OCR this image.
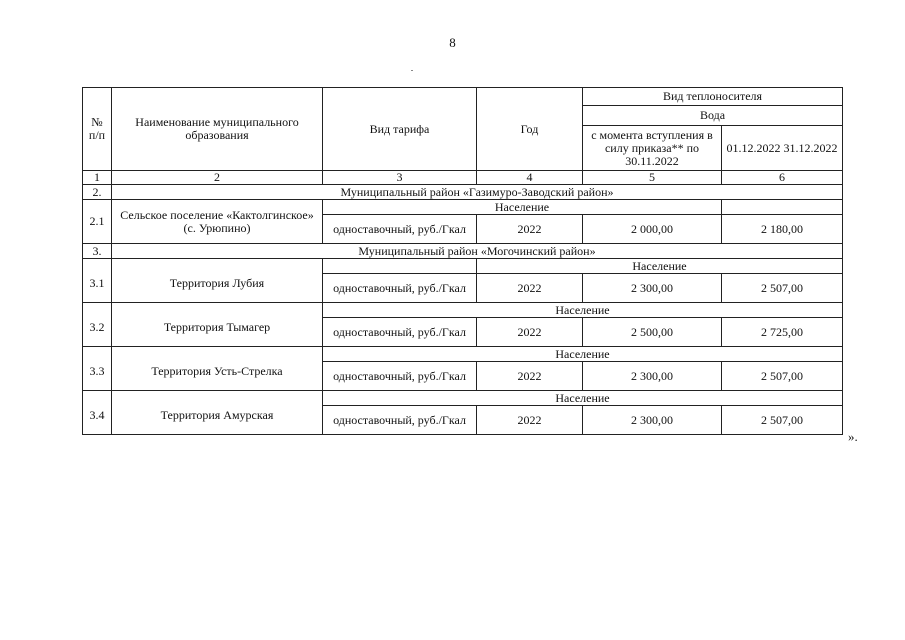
8
№ п/п	Наименование муниципального образования	Вид тарифа	Год	Вид теплоносителя	
				Вода	
				с момента вступления в силу приказа** по 30.11.2022	01.12.2022 31.12.2022
1	2	3	4	5	6
2.	Муниципальный район «Газимуро-Заводский район»				
2.1	Сельское поселение «Кактолгинское» (с. Урюпино)	Население			
		одноставочный, руб./Гкал	2022	2 000,00	2 180,00
3.	Муниципальный район «Могочинский район»				
3.1	Территория Лубия		Население		
		одноставочный, руб./Гкал	2022	2 300,00	2 507,00
3.2	Территория Тымагер	Население			
		одноставочный, руб./Гкал	2022	2 500,00	2 725,00
3.3	Территория Усть-Стрелка	Население			
		одноставочный, руб./Гкал	2022	2 300,00	2 507,00
3.4	Территория Амурская	Население			
		одноставочный, руб./Гкал	2022	2 300,00	2 507,00
».
